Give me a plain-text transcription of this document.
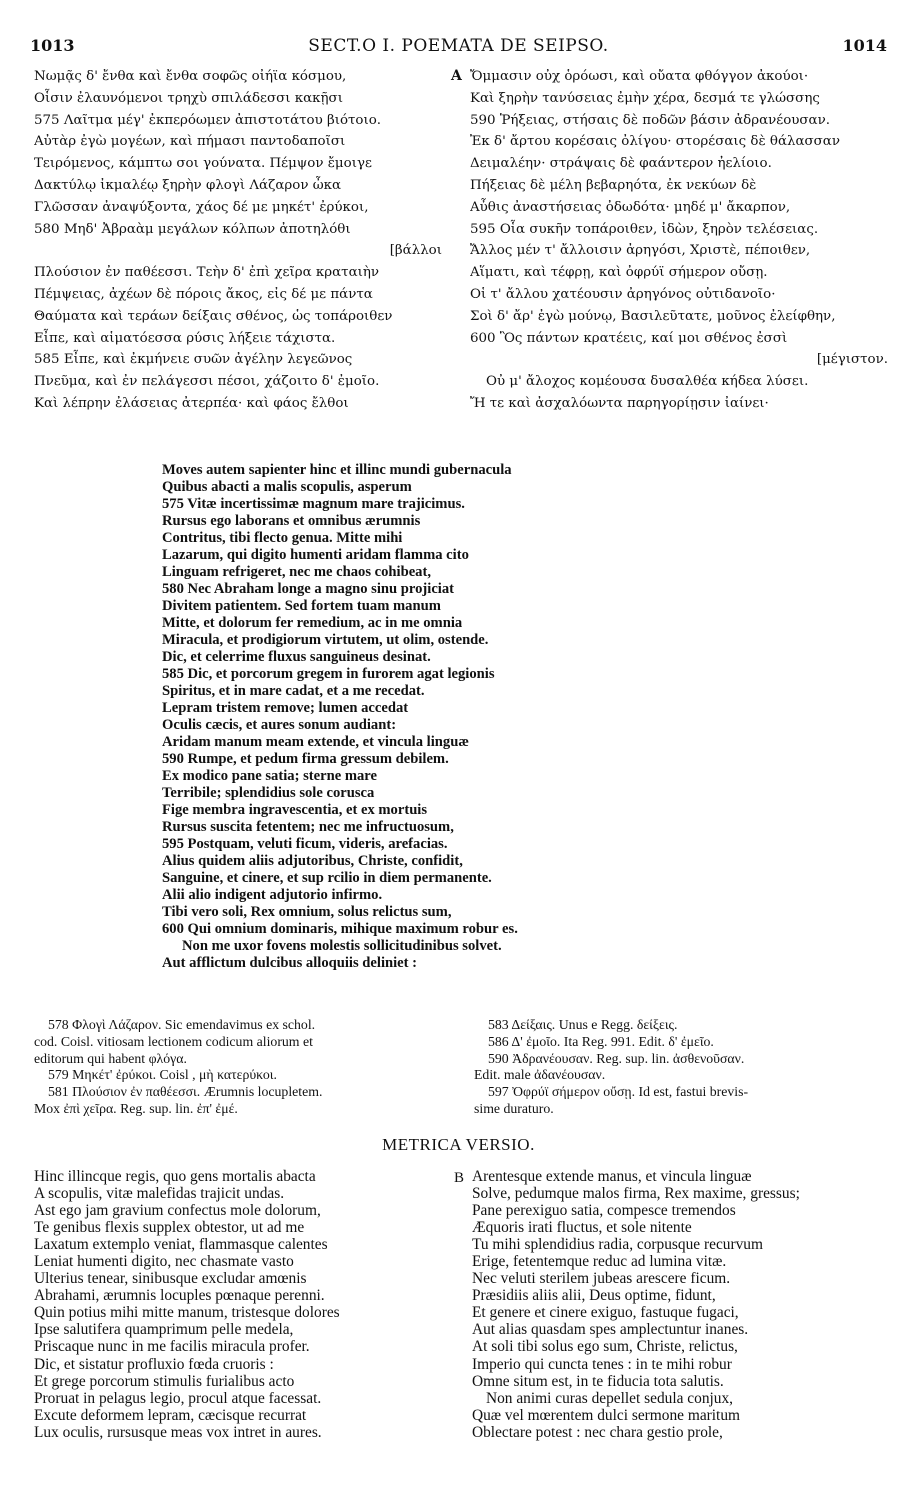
1013	SECT.O I. POEMATA DE SEIPSO.	1014
Νωμᾷς δ' ἔνθα καὶ ἔνθα σοφῶς οἰήϊα κόσμου,
Οἷσιν ἐλαυνόμενοι τρηχὺ σπιλάδεσσι κακῇσι
575 Λαῖτμα μέγ' ἐκπερόωμεν ἀπιστοτάτου βιότοιο.
Αὐτὰρ ἐγὼ μογέων, καὶ πήμασι παντοδαποῖσι
Τειρόμενος, κάμπτω σοι γούνατα. Πέμψον ἔμοιγε
Δακτύλῳ ἰκμαλέῳ ξηρὴν φλογὶ Λάζαρον ὦκα
Γλῶσσαν ἀναψύξοντα, χάος δέ με μηκέτ' ἐρύκοι,
580 Μηδ' Ἀβραὰμ μεγάλων κόλπων ἀποτηλόθι
[βάλλοι
Πλούσιον ἐν παθέεσσι. Τεὴν δ' ἐπὶ χεῖρα κραταιὴν
Πέμψειας, ἀχέων δὲ πόροις ἄκος, εἰς δέ με πάντα
Θαύματα καὶ τεράων δείξαις σθένος, ὡς τοπάροιθεν
Εἶπε, καὶ αἱματόεσσα ρύσις λήξειε τάχιστα.
585 Εἶπε, καὶ ἐκμήνειε συῶν ἀγέλην λεγεῶνος
Πνεῦμα, καὶ ἐν πελάγεσσι πέσοι, χάζοιτο δ' ἐμοῖο.
Καὶ λέπρην ἐλάσειας ἀτερπέα· καὶ φάος ἔλθοι
A Ὄμμασιν οὐχ ὁρόωσι, καὶ οὔατα φθόγγον ἀκούοι·
Καὶ ξηρὴν τανύσειας ἐμὴν χέρα, δεσμά τε γλώσσης
590 Ῥήξειας, στήσαις δὲ ποδῶν βάσιν ἀδρανέουσαν.
Ἐκ δ' ἄρτου κορέσαις ὀλίγου· στορέσαις δὲ θάλασσαν
Δειμαλέην· στράψαις δὲ φαάντερον ἠελίοιο.
Πήξειας δὲ μέλη βεβαρηότα, ἐκ νεκύων δὲ
Αὖθις ἀναστήσειας ὀδωδότα· μηδέ μ' ἄκαρπον,
595 Οἷα συκῆν τοπάροιθεν, ἰδὼν, ξηρὸν τελέσειας.
Ἄλλος μέν τ' ἄλλοισιν ἀρηγόσι, Χριστὲ, πέποιθεν,
Αἵματι, καὶ τέφρῃ, καὶ ὀφρύϊ σήμερον οὔσῃ.
Οἱ τ' ἄλλου χατέουσιν ἀρηγόνος οὐτιδανοῖο·
Σοὶ δ' ἄρ' ἐγὼ μούνῳ, Βασιλεῦτατε, μοῦνος ἐλείφθην,
600 Ὃς πάντων κρατέεις, καί μοι σθένος ἐσσὶ
[μέγιστον.
Οὐ μ' ἄλοχος κομέουσα δυσαλθέα κήδεα λύσει.
Ἤ τε καὶ ἀσχαλόωντα παρηγορίῃσιν ἰαίνει·
Moves autem sapienter hinc et illinc mundi gubernacula
Quibus abacti a malis scopulis, asperum
575 Vitæ incertissimæ magnum mare trajicimus.
Rursus ego laborans et omnibus ærumnis
Contritus, tibi flecto genua. Mitte mihi
Lazarum, qui digito humenti aridam flamma cito
Linguam refrigeret, nec me chaos cohibeat,
580 Nec Abraham longe a magno sinu projiciat
Divitem patientem. Sed fortem tuam manum
Mitte, et dolorum fer remedium, ac in me omnia
Miracula, et prodigiorum virtutem, ut olim, ostende.
Dic, et celerrime fluxus sanguineus desinat.
585 Dic, et porcorum gregem in furorem agat legionis
Spiritus, et in mare cadat, et a me recedat.
Lepram tristem remove; lumen accedat
Oculis cæcis, et aures sonum audiant:
Aridam manum meam extende, et vincula linguæ
590 Rumpe, et pedum firma gressum debilem.
Ex modico pane satia; sterne mare
Terribile; splendidius sole coruscа
Fige membra ingravescentia, et ex mortuis
Rursus suscita fetentem; nec me infructuosum,
595 Postquam, veluti ficum, videris, arefacias.
Alius quidem aliis adjutoribus, Christe, confidit,
Sanguine, et cinere, et sup rcilio in diem permanente.
Alii alio indigent adjutorio infirmo.
Tibi vero soli, Rex omnium, solus relictus sum,
600 Qui omnium dominaris, mihique maximum robur es.
Non me uxor fovens molestis sollicitudinibus solvet.
Aut afflictum dulcibus alloquiis deliniet :
578 Φλογὶ Λάζαρον. Sic emendavimus ex schol.
cod. Coisl. vitiosam lectionem codicum aliorum et
editorum qui habent φλόγα.
579 Μηκέτ' ἐρύκοι. Coisl , μὴ κατερύκοι.
581 Πλούσιον ἐν παθέεσσι. Ærumnis locupletem.
Mox ἐπὶ χεῖρα. Reg. sup. lin. ἐπ' ἐμέ.
583 Δείξαις. Unus e Regg. δείξεις.
586 Δ' ἐμοῖο. Ita Reg. 991. Edit. δ' ἐμεῖο.
590 Ἀδρανέουσαν. Reg. sup. lin. ἀσθενοῦσαν.
Edit. male ἀδανέουσαν.
597 Ὀφρύϊ σήμερον οὔσῃ. Id est, fastui brevis-
sime duraturo.
METRICA VERSIO.
Hinc illincque regis, quo gens mortalis abacta
A scopulis, vitæ malefidas trajicit undas.
Ast ego jam gravium confectus mole dolorum,
Te genibus flexis supplex obtestor, ut ad me
Laxatum extemplo veniat, flammasque calentes
Leniat humenti digito, nec chasmate vasto
Ulterius tenear, sinibusque excludar amœnis
Abrahami, ærumnis locuples pœnaque perenni.
Quin potius mihi mitte manum, tristesque dolores
Ipse salutifera quamprimum pelle medela,
Priscaque nunc in me facilis miracula profer.
Dic, et sistatur profluxio fœda cruoris :
Et grege porcorum stimulis furialibus acto
Proruat in pelagus legio, procul atque facessat.
Excute deformem lepram, cæcisque recurrat
Lux oculis, rursusque meas vox intret in aures.
B Arentesque extende manus, et vincula linguæ
Solve, pedumque malos firma, Rex maxime, gressus;
Pane perexiguo satia, compesce tremendos
Æquoris irati fluctus, et sole nitente
Tu mihi splendidius radia, corpusque recurvum
Erige, fetentemque reduc ad lumina vitæ.
Nec veluti sterilem jubeas arescere ficum.
Præsidiis aliis alii, Deus optime, fidunt,
Et genere et cinere exiguo, fastuque fugaci,
Aut alias quasdam spes amplectuntur inanes.
At soli tibi solus ego sum, Christe, relictus,
Imperio qui cuncta tenes : in te mihi robur
Omne situm est, in te fiducia tota salutis.
Non animi curas depellet sedula conjux,
Quæ vel mœrentem dulci sermone maritum
Oblectare potest : nec chara gestio prole,
